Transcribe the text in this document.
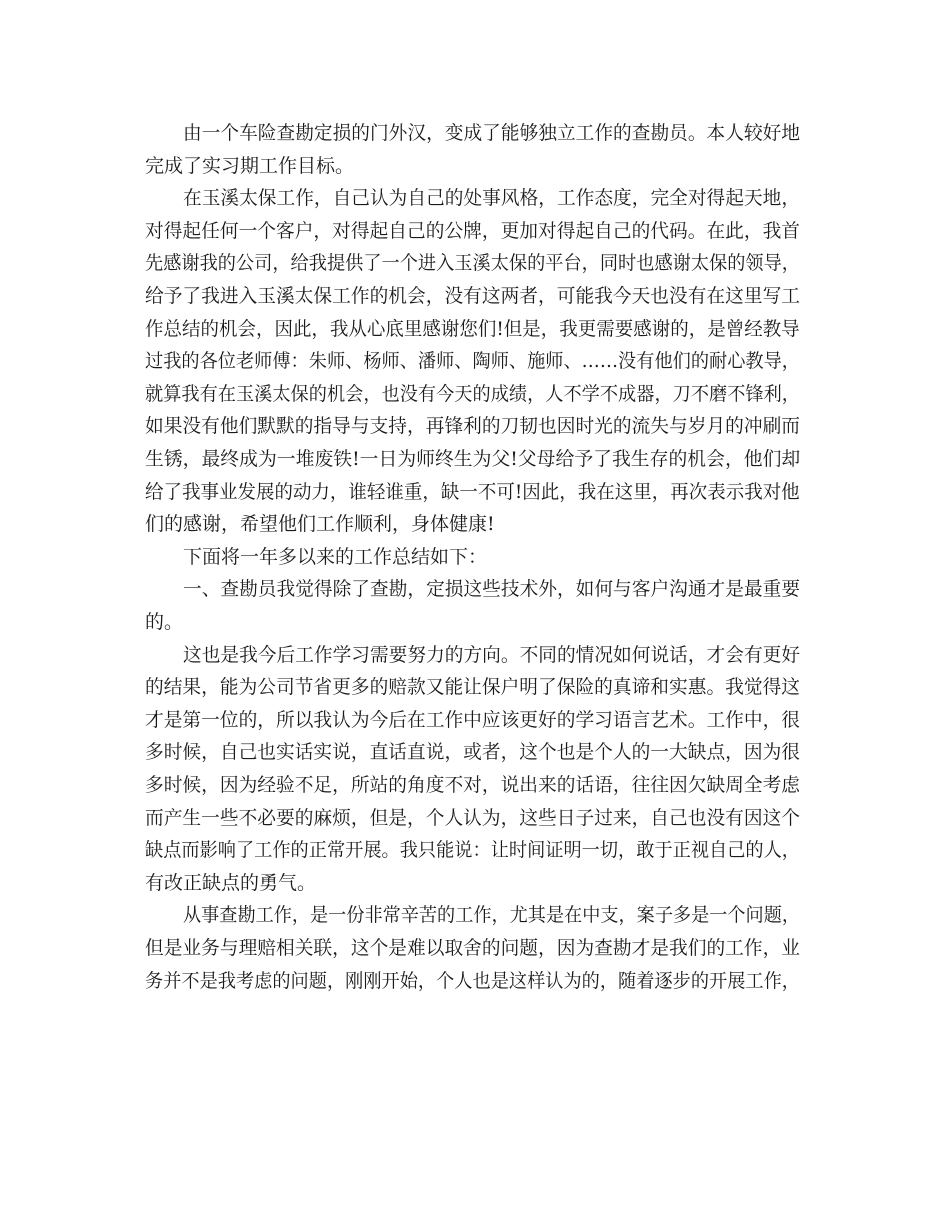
由一个车险查勘定损的门外汉，变成了能够独立工作的查勘员。本人较好地
完成了实习期工作目标。
在玉溪太保工作，自己认为自己的处事风格，工作态度，完全对得起天地，
对得起任何一个客户，对得起自己的公牌，更加对得起自己的代码。在此，我首
先感谢我的公司，给我提供了一个进入玉溪太保的平台，同时也感谢太保的领导，
给予了我进入玉溪太保工作的机会，没有这两者，可能我今天也没有在这里写工
作总结的机会，因此，我从心底里感谢您们!但是，我更需要感谢的，是曾经教导
过我的各位老师傅：朱师、杨师、潘师、陶师、施师、……没有他们的耐心教导，
就算我有在玉溪太保的机会，也没有今天的成绩，人不学不成器，刀不磨不锋利，
如果没有他们默默的指导与支持，再锋利的刀韧也因时光的流失与岁月的冲刷而
生锈，最终成为一堆废铁!一日为师终生为父!父母给予了我生存的机会，他们却
给了我事业发展的动力，谁轻谁重，缺一不可!因此，我在这里，再次表示我对他
们的感谢，希望他们工作顺利，身体健康!
下面将一年多以来的工作总结如下：
一、查勘员我觉得除了查勘，定损这些技术外，如何与客户沟通才是最重要
的。
这也是我今后工作学习需要努力的方向。不同的情况如何说话，才会有更好
的结果，能为公司节省更多的赔款又能让保户明了保险的真谛和实惠。我觉得这
才是第一位的，所以我认为今后在工作中应该更好的学习语言艺术。工作中，很
多时候，自己也实话实说，直话直说，或者，这个也是个人的一大缺点，因为很
多时候，因为经验不足，所站的角度不对，说出来的话语，往往因欠缺周全考虑
而产生一些不必要的麻烦，但是，个人认为，这些日子过来，自己也没有因这个
缺点而影响了工作的正常开展。我只能说：让时间证明一切，敢于正视自己的人，
有改正缺点的勇气。
从事查勘工作，是一份非常辛苦的工作，尤其是在中支，案子多是一个问题，
但是业务与理赔相关联，这个是难以取舍的问题，因为查勘才是我们的工作，业
务并不是我考虑的问题，刚刚开始，个人也是这样认为的，随着逐步的开展工作，
